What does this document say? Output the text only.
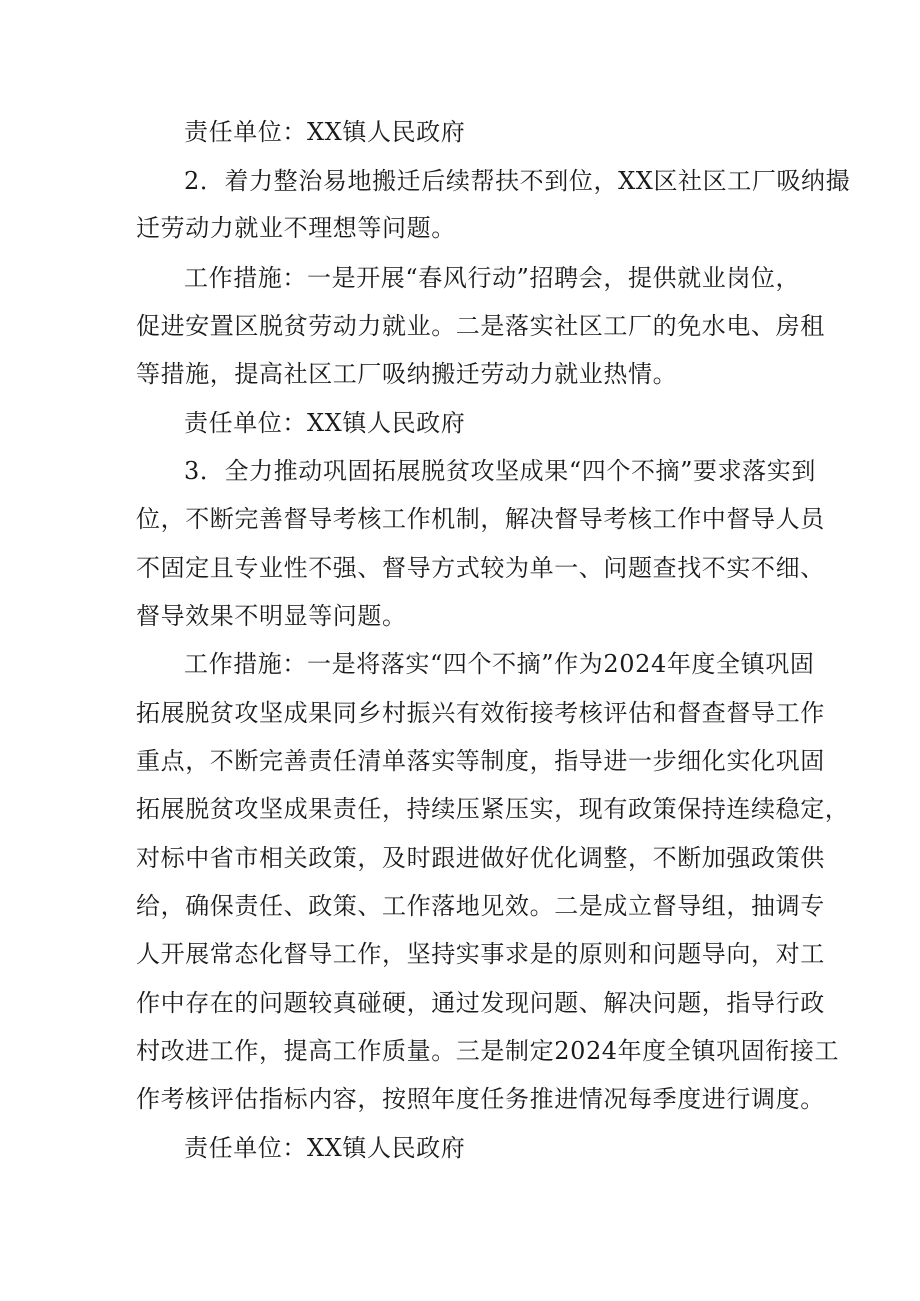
责任单位：XX镇人民政府
2．着力整治易地搬迁后续帮扶不到位，XX区社区工厂吸纳撮
迁劳动力就业不理想等问题。
工作措施：一是开展“春风行动”招聘会，提供就业岗位，
促进安置区脱贫劳动力就业。二是落实社区工厂的免水电、房租
等措施，提高社区工厂吸纳搬迁劳动力就业热情。
责任单位：XX镇人民政府
3．全力推动巩固拓展脱贫攻坚成果“四个不摘”要求落实到
位，不断完善督导考核工作机制，解决督导考核工作中督导人员
不固定且专业性不强、督导方式较为单一、问题查找不实不细、
督导效果不明显等问题。
工作措施：一是将落实“四个不摘”作为2024年度全镇巩固
拓展脱贫攻坚成果同乡村振兴有效衔接考核评估和督查督导工作
重点，不断完善责任清单落实等制度，指导进一步细化实化巩固
拓展脱贫攻坚成果责任，持续压紧压实，现有政策保持连续稳定，
对标中省市相关政策，及时跟进做好优化调整，不断加强政策供
给，确保责任、政策、工作落地见效。二是成立督导组，抽调专
人开展常态化督导工作，坚持实事求是的原则和问题导向，对工
作中存在的问题较真碰硬，通过发现问题、解决问题，指导行政
村改进工作，提高工作质量。三是制定2024年度全镇巩固衔接工
作考核评估指标内容，按照年度任务推进情况每季度进行调度。
责任单位：XX镇人民政府
